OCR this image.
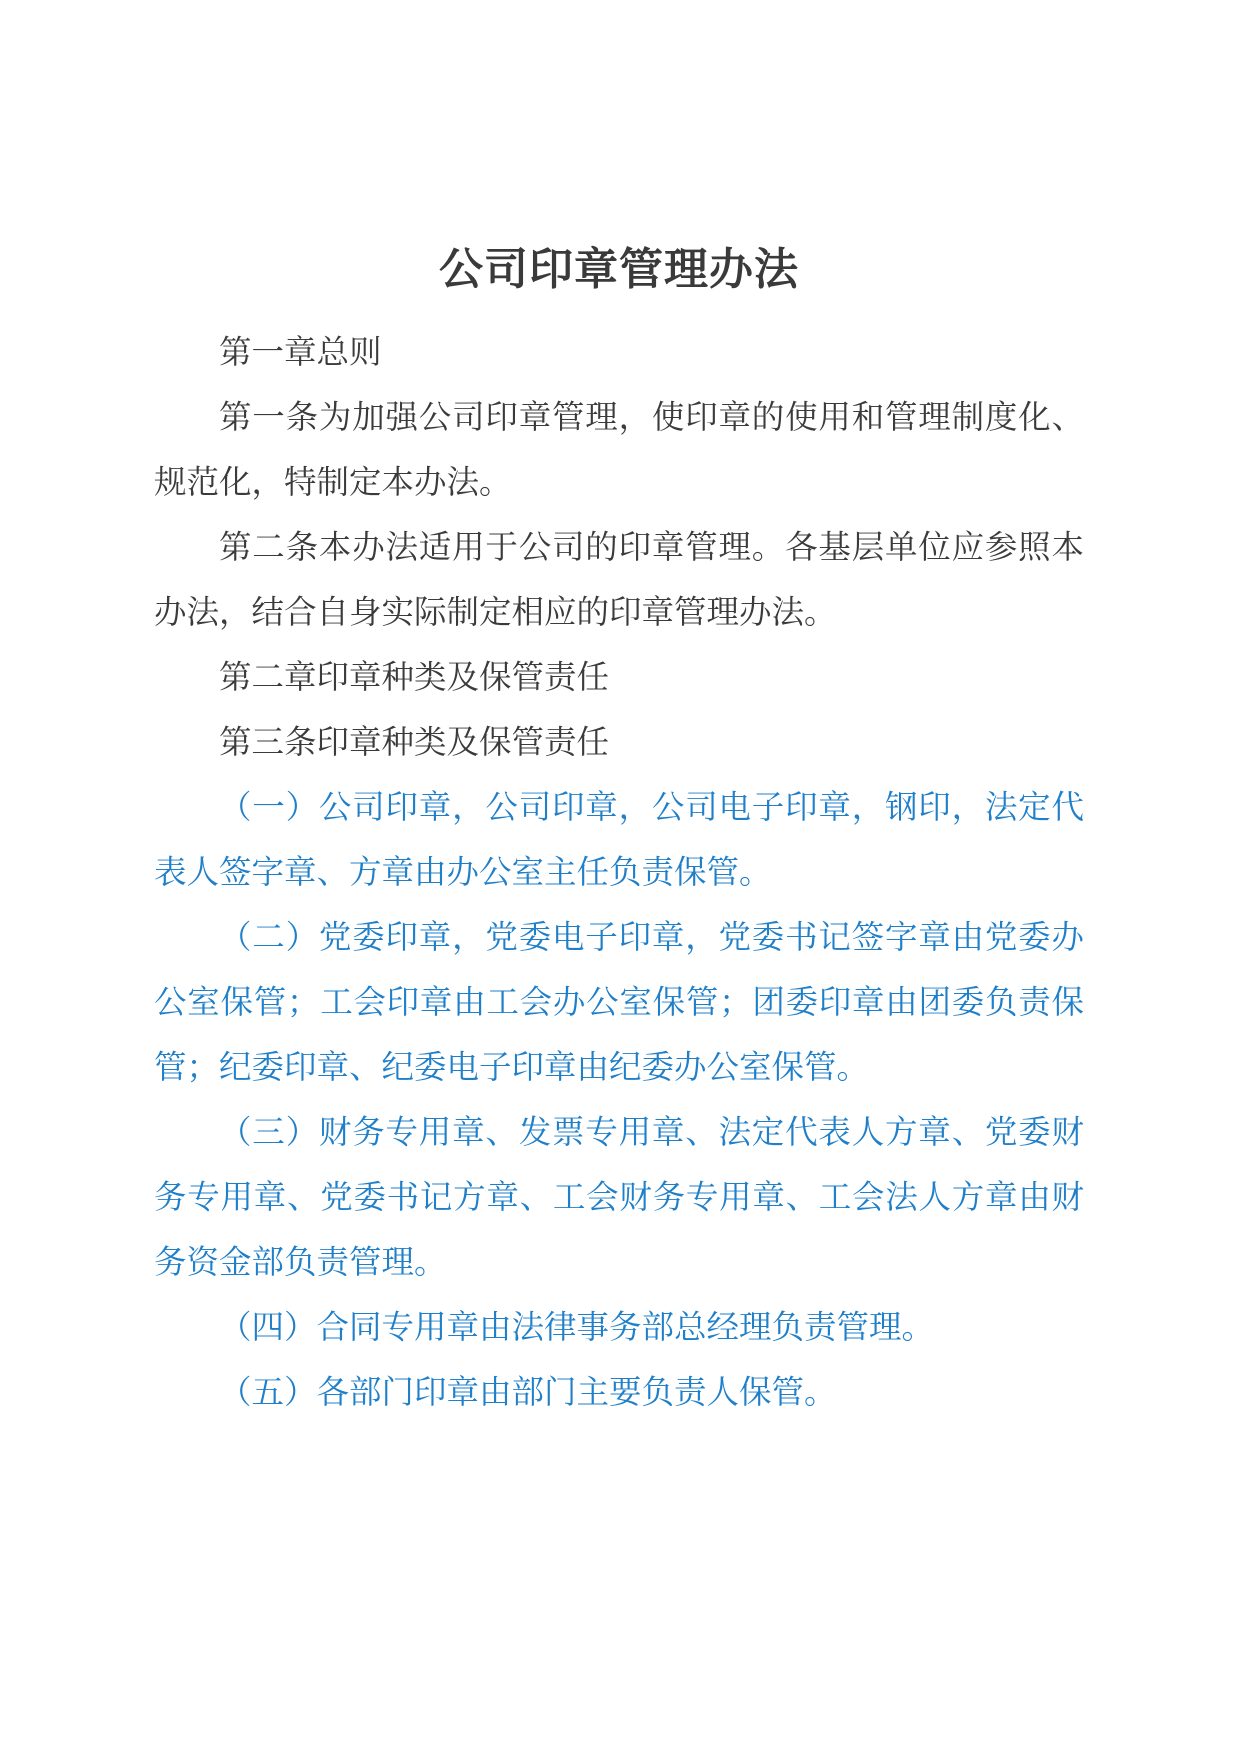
公司印章管理办法

第一章总则

第一条为加强公司印章管理，使印章的使用和管理制度化、规范化，特制定本办法。

第二条本办法适用于公司的印章管理。各基层单位应参照本办法，结合自身实际制定相应的印章管理办法。

第二章印章种类及保管责任

第三条印章种类及保管责任

（一）公司印章，公司印章，公司电子印章，钢印，法定代表人签字章、方章由办公室主任负责保管。

（二）党委印章，党委电子印章，党委书记签字章由党委办公室保管；工会印章由工会办公室保管；团委印章由团委负责保管；纪委印章、纪委电子印章由纪委办公室保管。

（三）财务专用章、发票专用章、法定代表人方章、党委财务专用章、党委书记方章、工会财务专用章、工会法人方章由财务资金部负责管理。

（四）合同专用章由法律事务部总经理负责管理。

（五）各部门印章由部门主要负责人保管。
